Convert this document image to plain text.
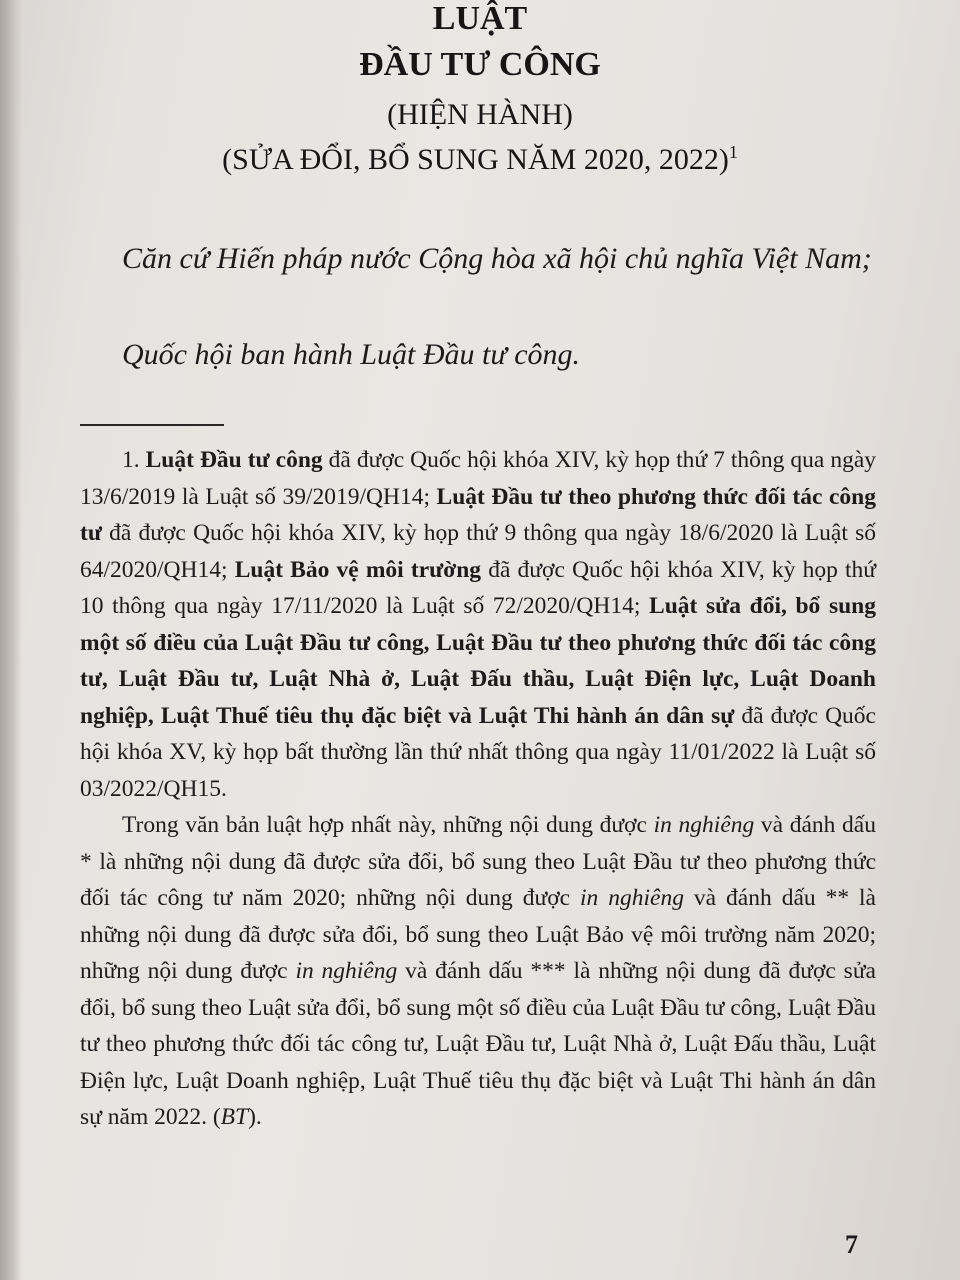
LUẬT
ĐẦU TƯ CÔNG
(HIỆN HÀNH)
(SỬA ĐỔI, BỔ SUNG NĂM 2020, 2022)$^1$
Căn cứ Hiến pháp nước Cộng hòa xã hội chủ nghĩa Việt Nam;
Quốc hội ban hành Luật Đầu tư công.

1. Luật Đầu tư công đã được Quốc hội khóa XIV, kỳ họp thứ 7 thông qua ngày 13/6/2019 là Luật số 39/2019/QH14; Luật Đầu tư theo phương thức đối tác công tư đã được Quốc hội khóa XIV, kỳ họp thứ 9 thông qua ngày 18/6/2020 là Luật số 64/2020/QH14; Luật Bảo vệ môi trường đã được Quốc hội khóa XIV, kỳ họp thứ 10 thông qua ngày 17/11/2020 là Luật số 72/2020/QH14; Luật sửa đổi, bổ sung một số điều của Luật Đầu tư công, Luật Đầu tư theo phương thức đối tác công tư, Luật Đầu tư, Luật Nhà ở, Luật Đấu thầu, Luật Điện lực, Luật Doanh nghiệp, Luật Thuế tiêu thụ đặc biệt và Luật Thi hành án dân sự đã được Quốc hội khóa XV, kỳ họp bất thường lần thứ nhất thông qua ngày 11/01/2022 là Luật số 03/2022/QH15.

Trong văn bản luật hợp nhất này, những nội dung được in nghiêng và đánh dấu * là những nội dung đã được sửa đổi, bổ sung theo Luật Đầu tư theo phương thức đối tác công tư năm 2020; những nội dung được in nghiêng và đánh dấu ** là những nội dung đã được sửa đổi, bổ sung theo Luật Bảo vệ môi trường năm 2020; những nội dung được in nghiêng và đánh dấu *** là những nội dung đã được sửa đổi, bổ sung theo Luật sửa đổi, bổ sung một số điều của Luật Đầu tư công, Luật Đầu tư theo phương thức đối tác công tư, Luật Đầu tư, Luật Nhà ở, Luật Đấu thầu, Luật Điện lực, Luật Doanh nghiệp, Luật Thuế tiêu thụ đặc biệt và Luật Thi hành án dân sự năm 2022. (BT).

7
